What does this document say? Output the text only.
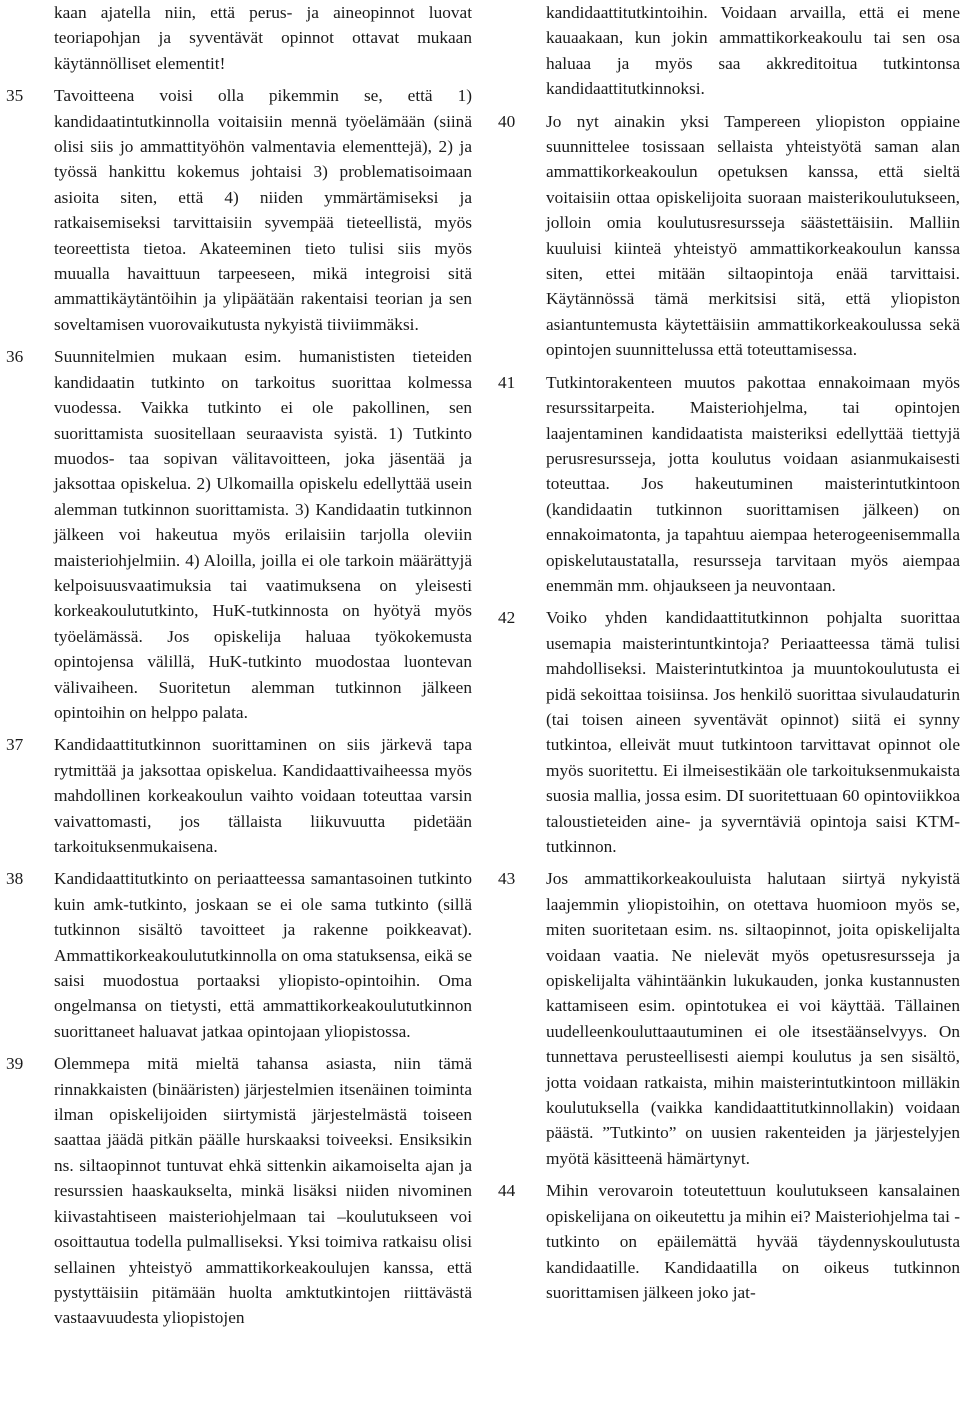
kaan ajatella niin, että perus- ja aineopinnot luovat teoriapohjan ja syventävät opinnot ottavat mukaan käytännölliset elementit!

35	Tavoitteena voisi olla pikemmin se, että 1) kandidaatintutkinnolla voitaisiin mennä työelämään (siinä olisi siis jo ammattityöhön valmentavia elementtejä), 2) ja työssä hankittu kokemus johtaisi 3) problematisoimaan asioita siten, että 4) niiden ymmärtämiseksi ja ratkaisemiseksi tarvittaisiin syvempää tieteellistä, myös teoreettista tietoa. Akateeminen tieto tulisi siis myös muualla havaittuun tarpeeseen, mikä integroisi sitä ammattikäytäntöihin ja ylipäätään rakentaisi teorian ja sen soveltamisen vuorovaikutusta nykyistä tiiviimmäksi.

36	Suunnitelmien mukaan esim. humanististen tieteiden kandidaatin tutkinto on tarkoitus suorittaa kolmessa vuodessa. Vaikka tutkinto ei ole pakollinen, sen suorittamista suositellaan seuraavista syistä. 1) Tutkinto muodos- taa sopivan välitavoitteen, joka jäsentää ja jaksottaa opiskelua. 2) Ulkomailla opiskelu edellyttää usein alemman tutkinnon suorittamista. 3) Kandidaatin tutkinnon jälkeen voi hakeutua myös erilaisiin tarjolla oleviin maisteriohjelmiin. 4) Aloilla, joilla ei ole tarkoin määrättyjä kelpoisuusvaatimuksia tai vaatimuksena on yleisesti korkeakoulututkinto, HuK-tutkinnosta on hyötyä myös työelämässä. Jos opiskelija haluaa työkokemusta opintojensa välillä, HuK-tutkinto muodostaa luontevan välivaiheen. Suoritetun alemman tutkinnon jälkeen opintoihin on helppo palata.

37	Kandidaattitutkinnon suorittaminen on siis järkevä tapa rytmittää ja jaksottaa opiskelua. Kandidaattivaiheessa myös mahdollinen korkeakoulun vaihto voidaan toteuttaa varsin vaivattomasti, jos tällaista liikuvuutta pidetään tarkoituksenmukaisena.

38	Kandidaattitutkinto on periaatteessa samantasoinen tutkinto kuin amk-tutkinto, joskaan se ei ole sama tutkinto (sillä tutkinnon sisältö tavoitteet ja rakenne poikkeavat). Ammattikorkeakoulututkinnolla on oma statuksensa, eikä se saisi muodostua portaaksi yliopisto-opintoihin. Oma ongelmansa on tietysti, että ammattikorkeakoulututkinnon suorittaneet haluavat jatkaa opintojaan yliopistossa.

39	Olemmepa mitä mieltä tahansa asiasta, niin tämä rinnakkaisten (binääristen) järjestelmien itsenäinen toiminta ilman opiskelijoiden siirtymistä järjestelmästä toiseen saattaa jäädä pitkän päälle hurskaaksi toiveeksi. Ensiksikin ns. siltaopinnot tuntuvat ehkä sittenkin aikamoiselta ajan ja resurssien haaskaukselta, minkä lisäksi niiden nivominen kiivastahtiseen maisteriohjelmaan tai –koulutukseen voi osoittautua todella pulmalliseksi. Yksi toimiva ratkaisu olisi sellainen yhteistyö ammattikorkeakoulujen kanssa, että pystyttäisiin pitämään huolta amktutkintojen riittävästä vastaavuudesta yliopistojen

kandidaattitutkintoihin. Voidaan arvailla, että ei mene kauaakaan, kun jokin ammattikorkeakoulu tai sen osa haluaa ja myös saa akkreditoitua tutkintonsa kandidaattitutkinnoksi.

40	Jo nyt ainakin yksi Tampereen yliopiston oppiaine suunnittelee tosissaan sellaista yhteistyötä saman alan ammattikorkeakoulun opetuksen kanssa, että sieltä voitaisiin ottaa opiskelijoita suoraan maisterikoulutukseen, jolloin omia koulutusresursseja säästettäisiin. Malliin kuuluisi kiinteä yhteistyö ammattikorkeakoulun kanssa siten, ettei mitään siltaopintoja enää tarvittaisi. Käytännössä tämä merkitsisi sitä, että yliopiston asiantuntemusta käytettäisiin ammattikorkeakoulussa sekä opintojen suunnittelussa että toteuttamisessa.

41	Tutkintorakenteen muutos pakottaa ennakoimaan myös resurssitarpeita. Maisteriohjelma, tai opintojen laajentaminen kandidaatista maisteriksi edellyttää tiettyjä perusresursseja, jotta koulutus voidaan asianmukaisesti toteuttaa. Jos hakeutuminen maisterintutkintoon (kandidaatin tutkinnon suorittamisen jälkeen) on ennakoimatonta, ja tapahtuu aiempaa heterogeenisemmalla opiskelutaustatalla, resursseja tarvitaan myös aiempaa enemmän mm. ohjaukseen ja neuvontaan.

42	Voiko yhden kandidaattitutkinnon pohjalta suorittaa usemapia maisterintuntkintoja? Periaatteessa tämä tulisi mahdolliseksi. Maisterintutkintoa ja muuntokoulutusta ei pidä sekoittaa toisiinsa. Jos henkilö suorittaa sivulaudaturin (tai toisen aineen syventävät opinnot) siitä ei synny tutkintoa, elleivät muut tutkintoon tarvittavat opinnot ole myös suoritettu. Ei ilmeisestikään ole tarkoituksenmukaista suosia mallia, jossa esim. DI suoritettuaan 60 opintoviikkoa taloustieteiden aine- ja syverntäviä opintoja saisi KTM-tutkinnon.

43	Jos ammattikorkeakouluista halutaan siirtyä nykyistä laajemmin yliopistoihin, on otettava huomioon myös se, miten suoritetaan esim. ns. siltaopinnot, joita opiskelijalta voidaan vaatia. Ne nielevät myös opetusresursseja ja opiskelijalta vähintäänkin lukukauden, jonka kustannusten kattamiseen esim. opintotukea ei voi käyttää. Tällainen uudelleenkouluttaautuminen ei ole itsestäänselvyys. On tunnettava perusteellisesti aiempi koulutus ja sen sisältö, jotta voidaan ratkaista, mihin maisterintutkintoon milläkin koulutuksella (vaikka kandidaattitutkinnollakin) voidaan päästä. ”Tutkinto” on uusien rakenteiden ja järjestelyjen myötä käsitteenä hämärtynyt.

44	Mihin verovaroin toteutettuun koulutukseen kansalainen opiskelijana on oikeutettu ja mihin ei? Maisteriohjelma tai -tutkinto on epäilemättä hyvää täydennyskoulutusta kandidaatille. Kandidaatilla on oikeus tutkinnon suorittamisen jälkeen joko jat-
